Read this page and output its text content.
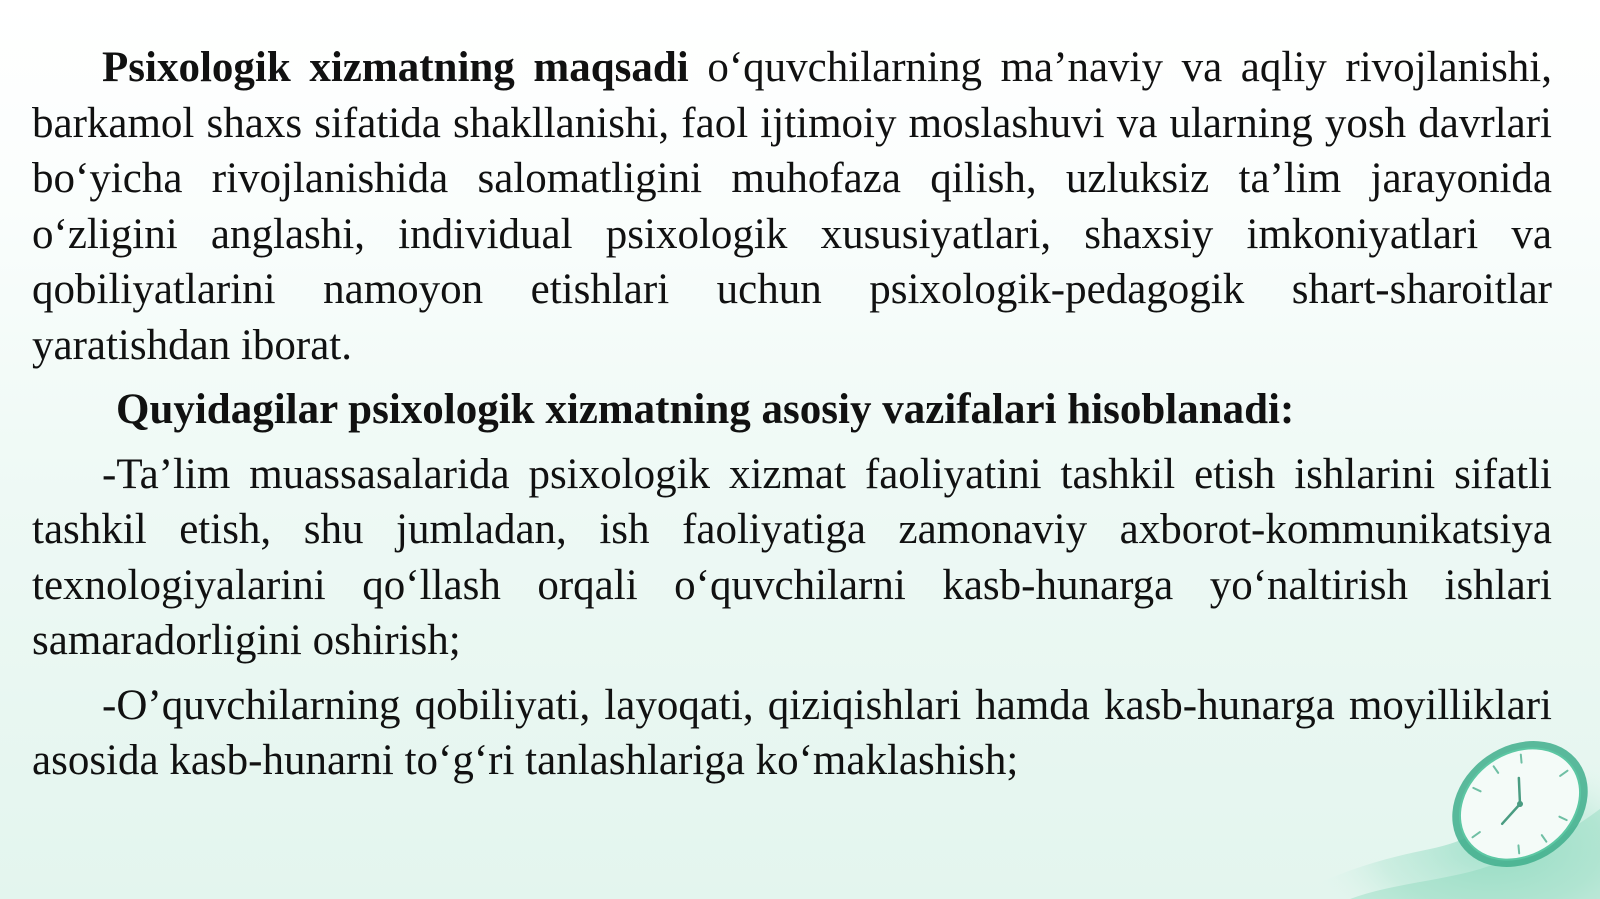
Psixologik xizmatning maqsadi o‘quvchilarning ma’naviy va aqliy rivojlanishi, barkamol shaxs sifatida shakllanishi, faol ijtimoiy moslashuvi va ularning yosh davrlari bo‘yicha rivojlanishida salomatligini muhofaza qilish, uzluksiz ta’lim jarayonida o‘zligini anglashi, individual psixologik xususiyatlari, shaxsiy imkoniyatlari va qobiliyatlarini namoyon etishlari uchun psixologik-pedagogik shart-sharoitlar yaratishdan iborat.

Quyidagilar psixologik xizmatning asosiy vazifalari hisoblanadi:

-Ta’lim muassasalarida psixologik xizmat faoliyatini tashkil etish ishlarini sifatli tashkil etish, shu jumladan, ish faoliyatiga zamonaviy axborot-kommunikatsiya texnologiyalarini qo‘llash orqali o‘quvchilarni kasb-hunarga yo‘naltirish ishlari samaradorligini oshirish;

-O’quvchilarning qobiliyati, layoqati, qiziqishlari hamda kasb-hunarga moyilliklari asosida kasb-hunarni to‘g‘ri tanlashlariga ko‘maklashish;
